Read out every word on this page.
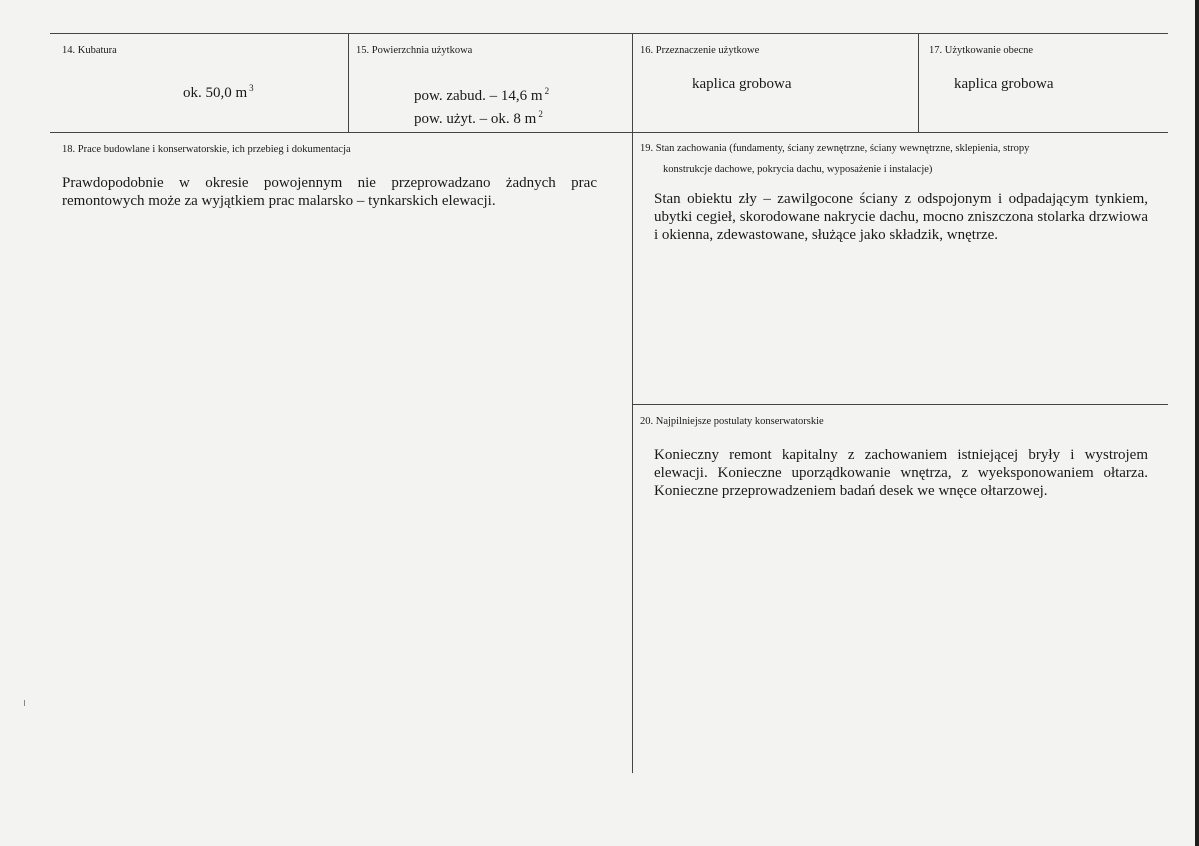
14. Kubatura
ok. 50,0 m $^3$
15. Powierzchnia użytkowa
pow. zabud. – 14,6 m $^2$
pow. użyt. – ok. 8 m $^2$
16. Przeznaczenie użytkowe
kaplica grobowa
17. Użytkowanie obecne
kaplica grobowa
18. Prace budowlane i konserwatorskie, ich przebieg i dokumentacja
Prawdopodobnie w okresie powojennym nie przeprowadzano żadnych prac remontowych może za wyjątkiem prac malarsko – tynkarskich elewacji.
19. Stan zachowania (fundamenty, ściany zewnętrzne, ściany wewnętrzne, sklepienia, stropy
konstrukcje dachowe, pokrycia dachu, wyposażenie i instalacje)
Stan obiektu zły – zawilgocone ściany z odspojonym i odpadającym tynkiem, ubytki cegieł, skorodowane nakrycie dachu, mocno zniszczona stolarka drzwiowa i okienna, zdewastowane, służące jako składzik, wnętrze.
20. Najpilniejsze postulaty konserwatorskie
Konieczny remont kapitalny z zachowaniem istniejącej bryły i wystrojem elewacji. Konieczne uporządkowanie wnętrza, z wyeksponowaniem ołtarza. Konieczne przeprowadzeniem badań desek we wnęce ołtarzowej.
